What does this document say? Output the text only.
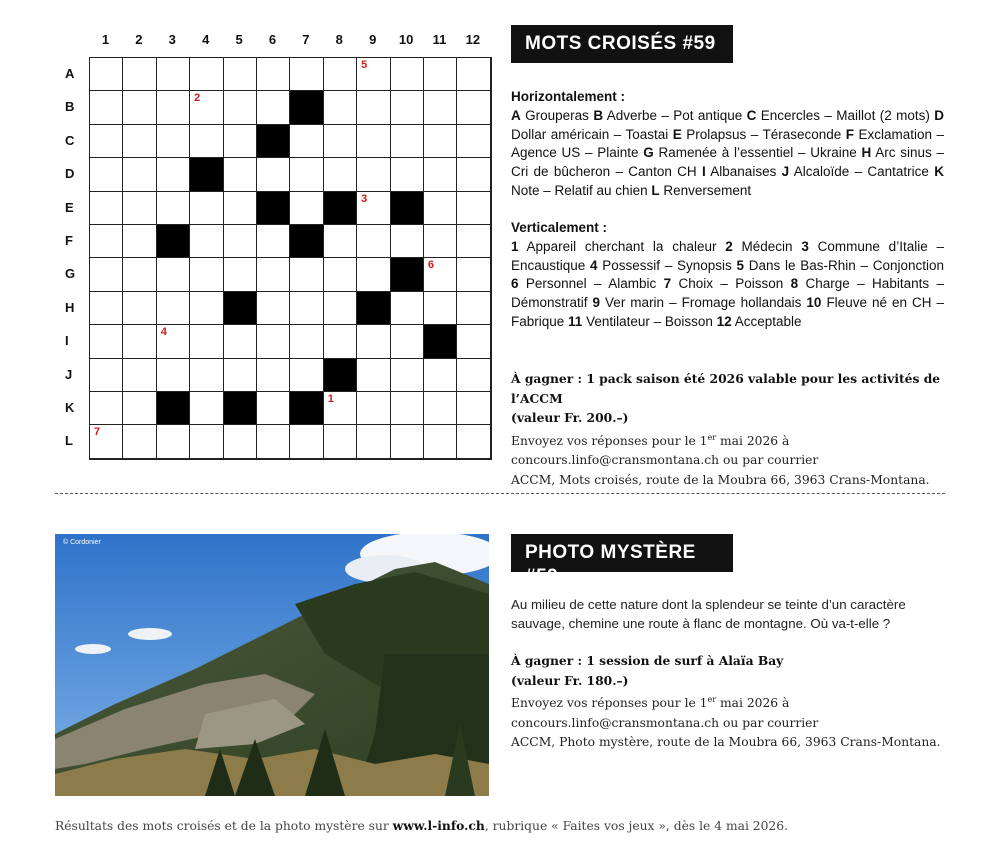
1	2	3	4	5	6	7	8	9	10	11	12
A
B
C
D
E
F
G
H
I
J
K
L
5
2
3
6
4
1
7
MOTS CROISÉS #59
Horizontalement :
A Grouperas B Adverbe – Pot antique C Encercles – Maillot (2 mots) D Dollar américain – Toastai E Prolapsus – Téraseconde F Exclamation – Agence US – Plainte G Ramenée à l’essentiel – Ukraine H Arc sinus – Cri de bûcheron – Canton CH I Albanaises J Alcaloïde – Cantatrice K Note – Relatif au chien L Renversement
Verticalement :
1 Appareil cherchant la chaleur 2 Médecin 3 Commune d’Italie – Encaustique 4 Possessif – Synopsis 5 Dans le Bas-Rhin – Conjonction 6 Personnel – Alambic 7 Choix – Poisson 8 Charge – Habitants – Démonstratif 9 Ver marin – Fromage hollandais 10 Fleuve né en CH – Fabrique 11 Ventilateur – Boisson 12 Acceptable
À gagner : 1 pack saison été 2026 valable pour les activités de l’ACCM
(valeur Fr. 200.–)
Envoyez vos réponses pour le 1er mai 2026 à
concours.linfo@cransmontana.ch ou par courrier
ACCM, Mots croisés, route de la Moubra 66, 3963 Crans-Montana.
© Cordonier	PHOTO MYSTÈRE #59
Au milieu de cette nature dont la splendeur se teinte d’un caractère sauvage, chemine une route à flanc de montagne. Où va-t-elle ?
À gagner : 1 session de surf à Alaïa Bay
(valeur Fr. 180.–)
Envoyez vos réponses pour le 1er mai 2026 à
concours.linfo@cransmontana.ch ou par courrier
ACCM, Photo mystère, route de la Moubra 66, 3963 Crans-Montana.
Résultats des mots croisés et de la photo mystère sur www.l-info.ch, rubrique « Faites vos jeux », dès le 4 mai 2026.
